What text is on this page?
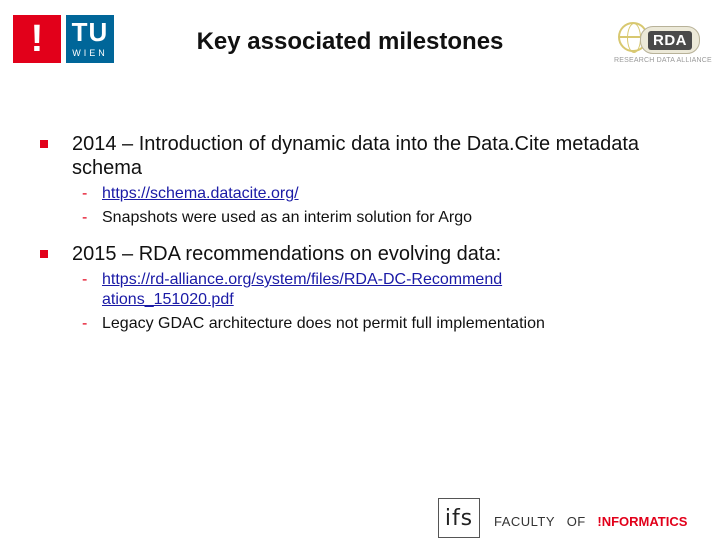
! TU
WIEN	Key associated milestones	RDA
RESEARCH DATA ALLIANCE
2014 – Introduction of dynamic data into the Data.Cite metadata schema
- https://schema.datacite.org/
- Snapshots were used as an interim solution for Argo
2015 – RDA recommendations on evolving data:
- https://rd-alliance.org/system/files/RDA-DC-Recommendations_151020.pdf
- Legacy GDAC architecture does not permit full implementation
ifs FACULTY OF !NFORMATICS
